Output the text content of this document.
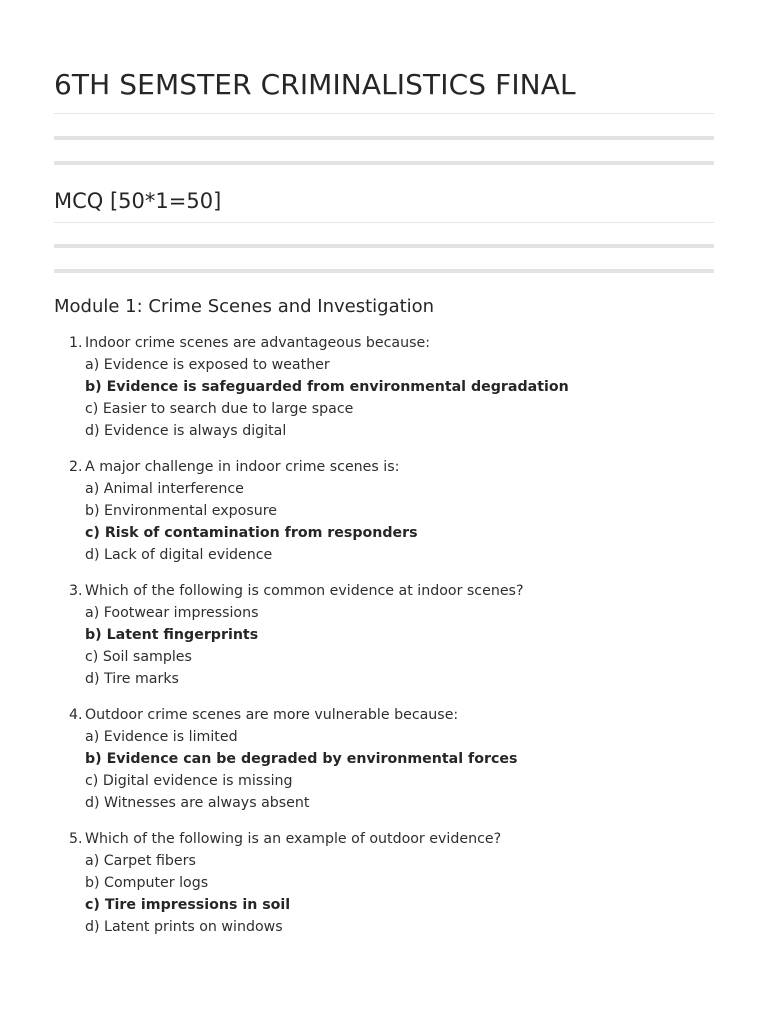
6TH SEMSTER CRIMINALISTICS FINAL
MCQ [50*1=50]
Module 1: Crime Scenes and Investigation
1. Indoor crime scenes are advantageous because:
a) Evidence is exposed to weather
b) Evidence is safeguarded from environmental degradation
c) Easier to search due to large space
d) Evidence is always digital
2. A major challenge in indoor crime scenes is:
a) Animal interference
b) Environmental exposure
c) Risk of contamination from responders
d) Lack of digital evidence
3. Which of the following is common evidence at indoor scenes?
a) Footwear impressions
b) Latent fingerprints
c) Soil samples
d) Tire marks
4. Outdoor crime scenes are more vulnerable because:
a) Evidence is limited
b) Evidence can be degraded by environmental forces
c) Digital evidence is missing
d) Witnesses are always absent
5. Which of the following is an example of outdoor evidence?
a) Carpet fibers
b) Computer logs
c) Tire impressions in soil
d) Latent prints on windows
